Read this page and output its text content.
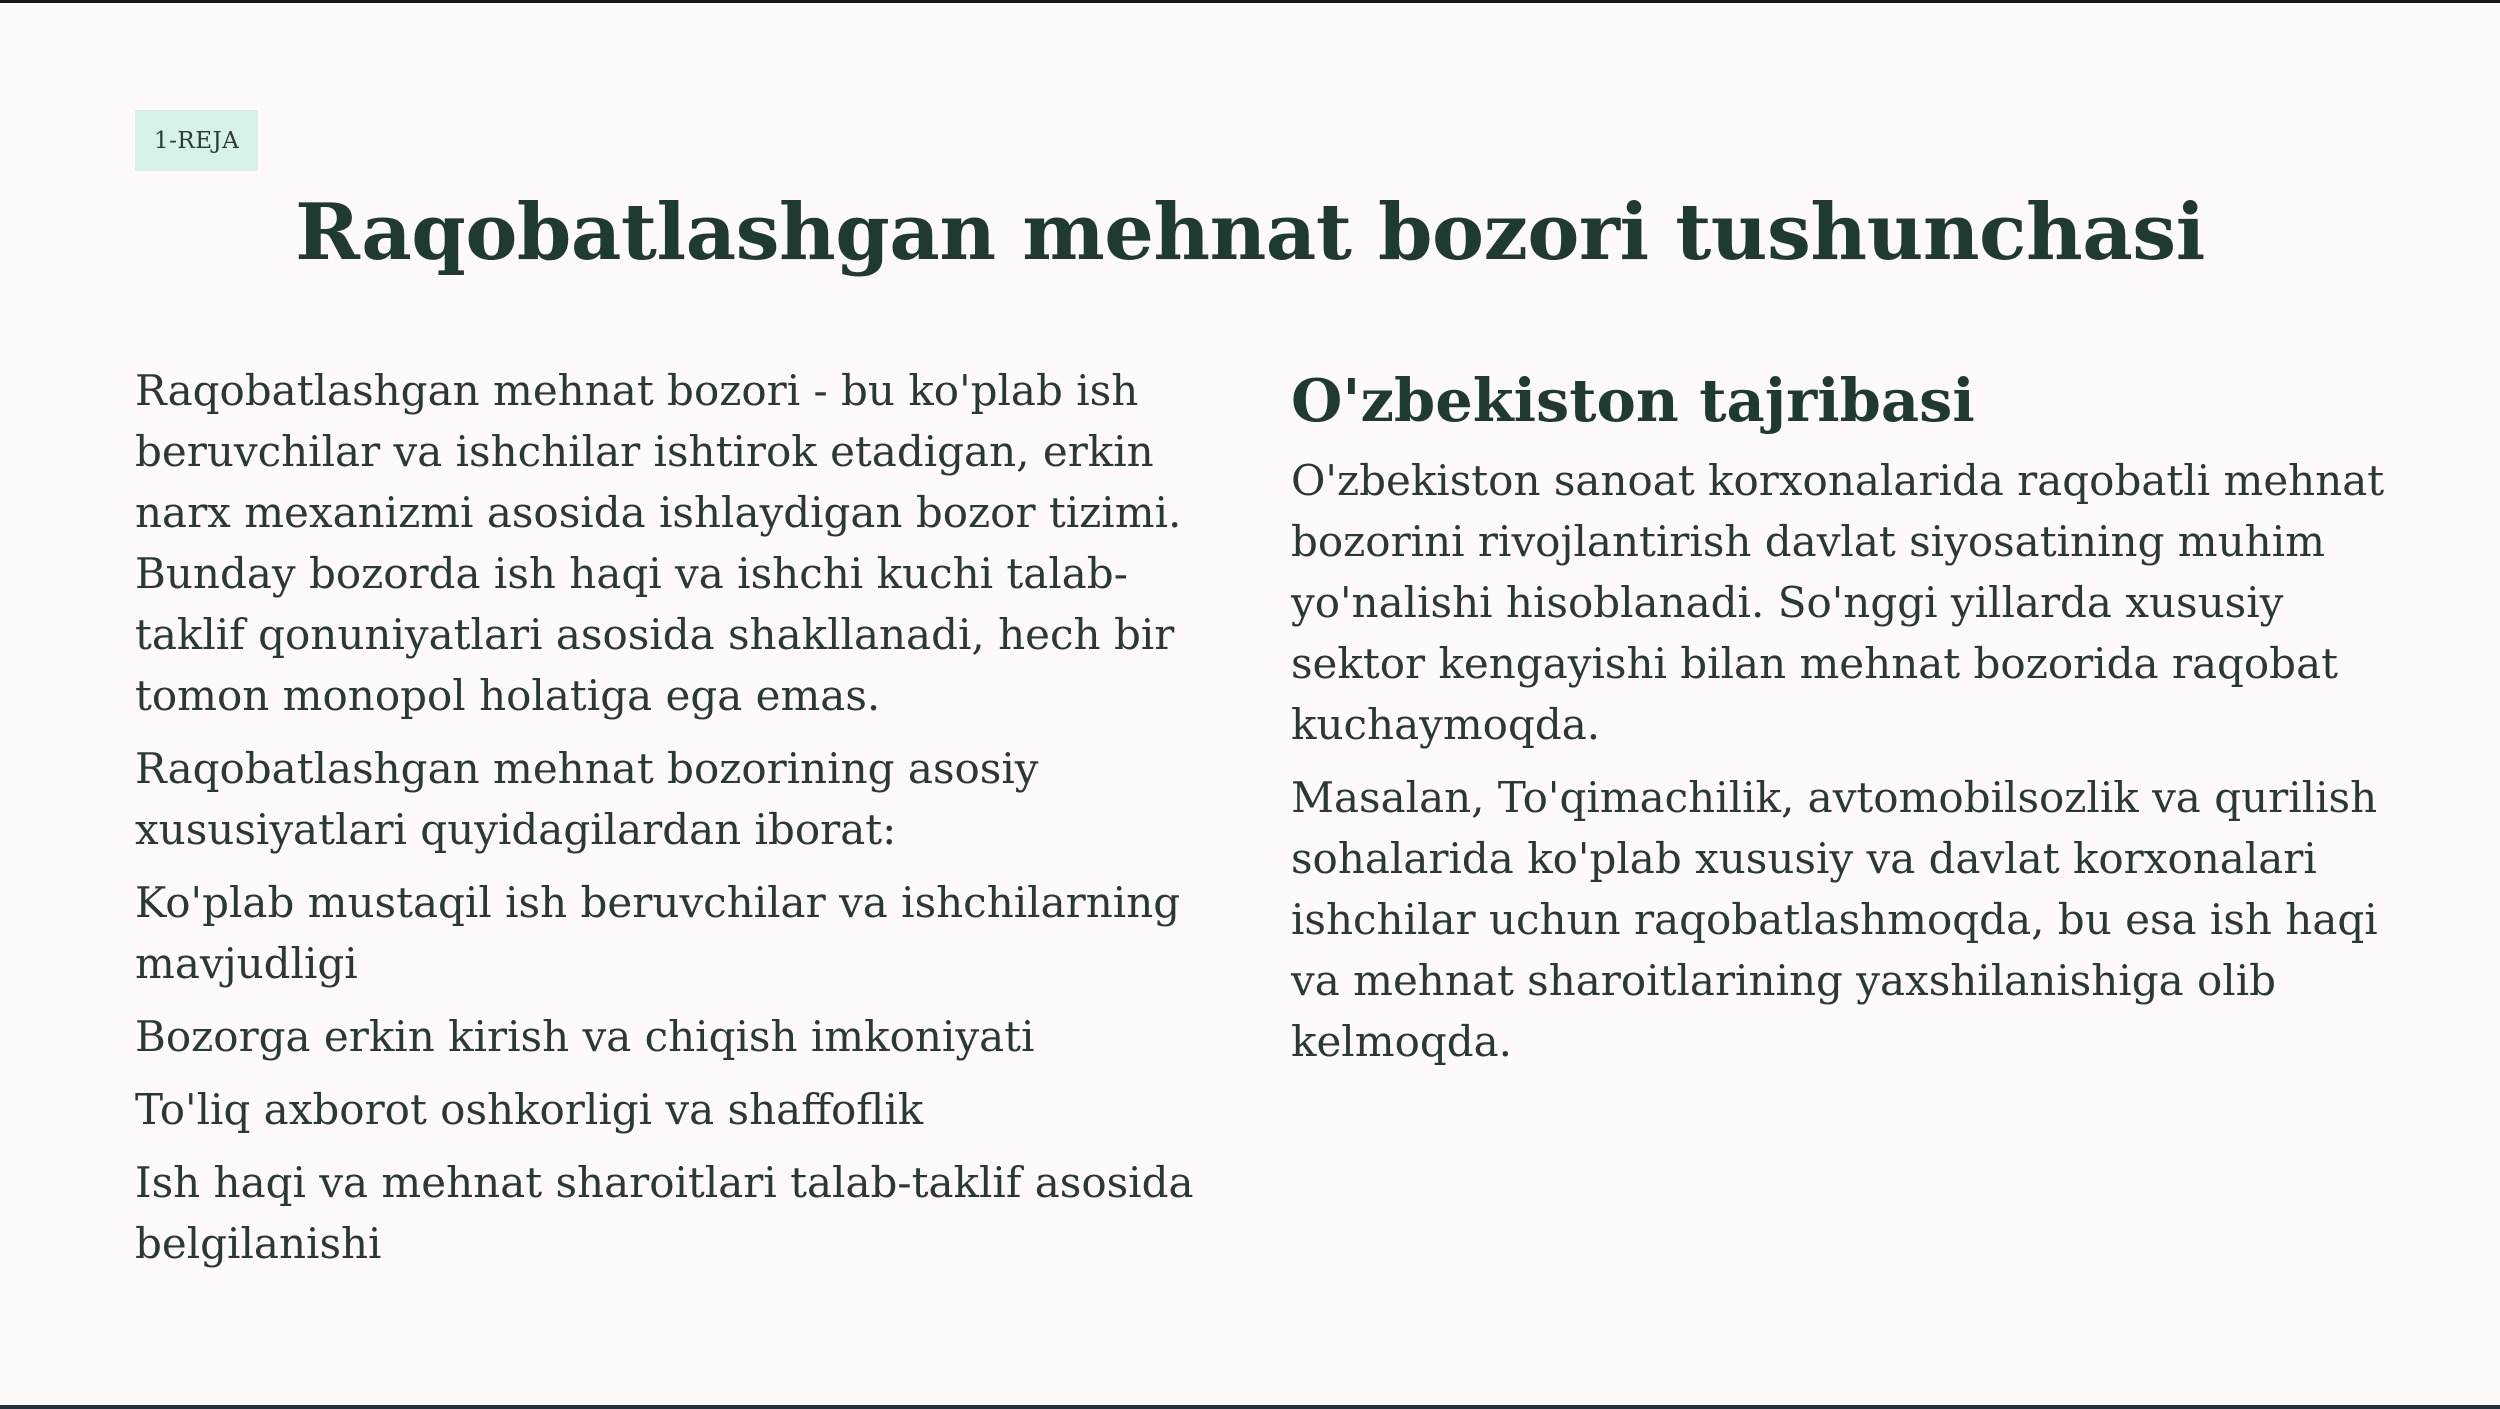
1-REJA
Raqobatlashgan mehnat bozori tushunchasi

Raqobatlashgan mehnat bozori - bu ko'plab ish beruvchilar va ishchilar ishtirok etadigan, erkin narx mexanizmi asosida ishlaydigan bozor tizimi. Bunday bozorda ish haqi va ishchi kuchi talab-taklif qonuniyatlari asosida shakllanadi, hech bir tomon monopol holatiga ega emas.

Raqobatlashgan mehnat bozorining asosiy xususiyatlari quyidagilardan iborat:

Ko'plab mustaqil ish beruvchilar va ishchilarning mavjudligi

Bozorga erkin kirish va chiqish imkoniyati

To'liq axborot oshkorligi va shaffoflik

Ish haqi va mehnat sharoitlari talab-taklif asosida belgilanishi

O'zbekiston tajribasi

O'zbekiston sanoat korxonalarida raqobatli mehnat bozorini rivojlantirish davlat siyosatining muhim yo'nalishi hisoblanadi. So'nggi yillarda xususiy sektor kengayishi bilan mehnat bozorida raqobat kuchaymoqda.

Masalan, To'qimachilik, avtomobilsozlik va qurilish sohalarida ko'plab xususiy va davlat korxonalari ishchilar uchun raqobatlashmoqda, bu esa ish haqi va mehnat sharoitlarining yaxshilanishiga olib kelmoqda.
